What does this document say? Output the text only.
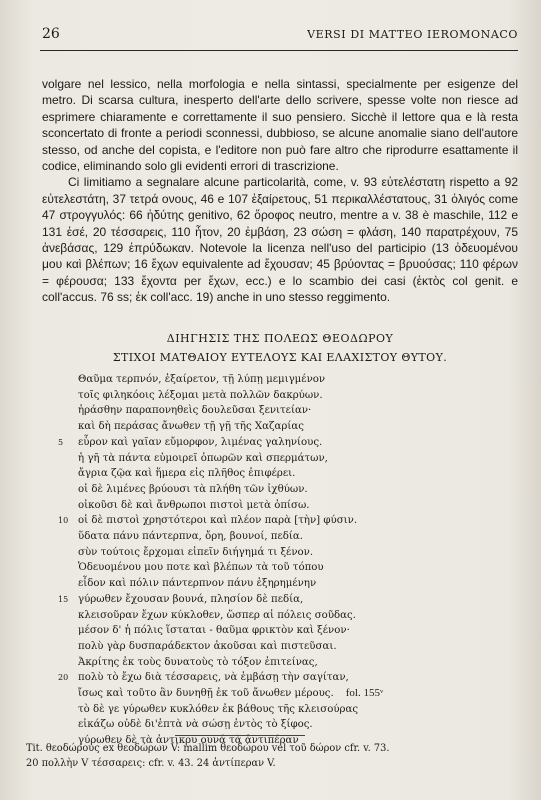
26	VERSI DI MATTEO IEROMONACO

volgare nel lessico, nella morfologia e nella sintassi, specialmente per esigenze del metro. Di scarsa cultura, inesperto dell'arte dello scrivere, spesse volte non riesce ad esprimere chiaramente e correttamente il suo pensiero. Sicchè il lettore qua e là resta sconcertato di fronte a periodi sconnessi, dubbioso, se alcune anomalie siano dell'autore stesso, od anche del copista, e l'editore non può fare altro che riprodurre esattamente il codice, eliminando solo gli evidenti errori di trascrizione.

Ci limitiamo a segnalare alcune particolarità, come, v. 93 εὐτελέστατη rispetto a 92 εὐτελεστάτη, 37 τετρά ονους, 46 e 107 ἐξαίρετους, 51 περικαλλέστατους, 31 ὀλιγός come 47 στρογγυλός: 66 ἡδύτης genitivo, 62 ὅροφος neutro, mentre a v. 38 è maschile, 112 e 131 ἐσέ, 20 τέσσαρεις, 110 ἦτον, 20 ἐμβάση, 23 σώση = φλάση, 140 παρατρέχουν, 75 ἀνεβάσας, 129 ἐπρύδωκαν. Notevole la licenza nell'uso del participio (13 ὀδευομένου μου καὶ βλέπων; 16 ἔχων equivalente ad ἔχουσαν; 45 βρύοντας = βρυούσας; 110 φέρων = φέρουσα; 133 ἔχοντα per ἔχων, ecc.) e lo scambio dei casi (ἐκτὸς col genit. e coll'accus. 76 ss; ἐκ coll'acc. 19) anche in uno stesso reggimento.

ΔΙΗΓΗΣΙΣ ΤΗΣ ΠΟΛΕΩΣ ΘΕΟΔΩΡΟΥ
ΣΤΙΧΟΙ ΜΑΤΘΑΙΟΥ ΕΥΤΕΛΟΥΣ ΚΑΙ ΕΛΑΧΙΣΤΟΥ ΘΥΤΟΥ.
Θαῦμα τερπνόν, ἐξαίρετον, τῇ λύπῃ μεμιγμένον
τοῖς φιληκόοις λέξομαι μετὰ πολλῶν δακρύων.
ἠράσθην παραπονηθεὶς δουλεῦσαι ξενιτείαν·
καὶ δὴ περάσας ἄνωθεν τῇ γῇ τῆς Χαζαρίας
5 εὗρον καὶ γαῖαν εὔμορφον, λιμένας γαληνίους.
ἡ γῆ τὰ πάντα εὐμοιρεῖ ὀπωρῶν καὶ σπερμάτων,
ἄγρια ζῷα καὶ ἥμερα εἰς πλῆθος ἐπιφέρει.
οἱ δὲ λιμένες βρύουσι τὰ πλήθη τῶν ἰχθύων.
οἰκοῦσι δὲ καὶ ἄνθρωποι πιστοὶ μετὰ ὀπίσω.
10 οἱ δὲ πιστοὶ χρηστότεροι καὶ πλέον παρὰ [τὴν] φύσιν.
ὕδατα πάνυ πάντερπνα, ὄρη, βουνοί, πεδία.
σὺν τούτοις ἔρχομαι εἰπεῖν διήγημά τι ξένον.
Ὁδευομένου μου ποτε καὶ βλέπων τὰ τοῦ τόπου
εἶδον καὶ πόλιν πάντερπνον πάνυ ἐξηρημένην
15 γύρωθεν ἔχουσαν βουνά, πλησίον δὲ πεδία,
κλεισοῦραν ἔχων κύκλοθεν, ὥσπερ αἱ πόλεις σοῦδας.
μέσον δ' ἡ πόλις ἵσταται - θαῦμα φρικτὸν καὶ ξένον·
πολὺ γὰρ δυσπαράδεκτον ἀκοῦσαι καὶ πιστεῦσαι.
Ἀκρίτης ἐκ τοὺς δυνατοὺς τὸ τόξον ἐπιτείνας,
20 πολὺ τὸ ἔχω διὰ τέσσαρεις, νὰ ἐμβάσῃ τὴν σαγίταν,
ἴσως καὶ τοῦτο ἂν δυνηθῇ ἐκ τοῦ ἄνωθεν μέρους. fol. 155ᵛ
τὸ δὲ γε γύρωθεν κυκλόθεν ἐκ βάθους τῆς κλεισούρας
εἰκάζω οὐδὲ δι'ἑπτὰ νὰ σώσῃ ἐντὸς τὸ ξίφος.
γύρωθεν δὲ τὰ ἀντικρυ ουνά τὰ ἀντιπέραν
Tit. θεοδώρους ex θεοδώρων V: mallim θεοδώρου vel τοῦ δώρον cfr. v. 73.
20 πολλὴν V τέσσαρεις: cfr. v. 43. 24 ἀντίπεραν V.
